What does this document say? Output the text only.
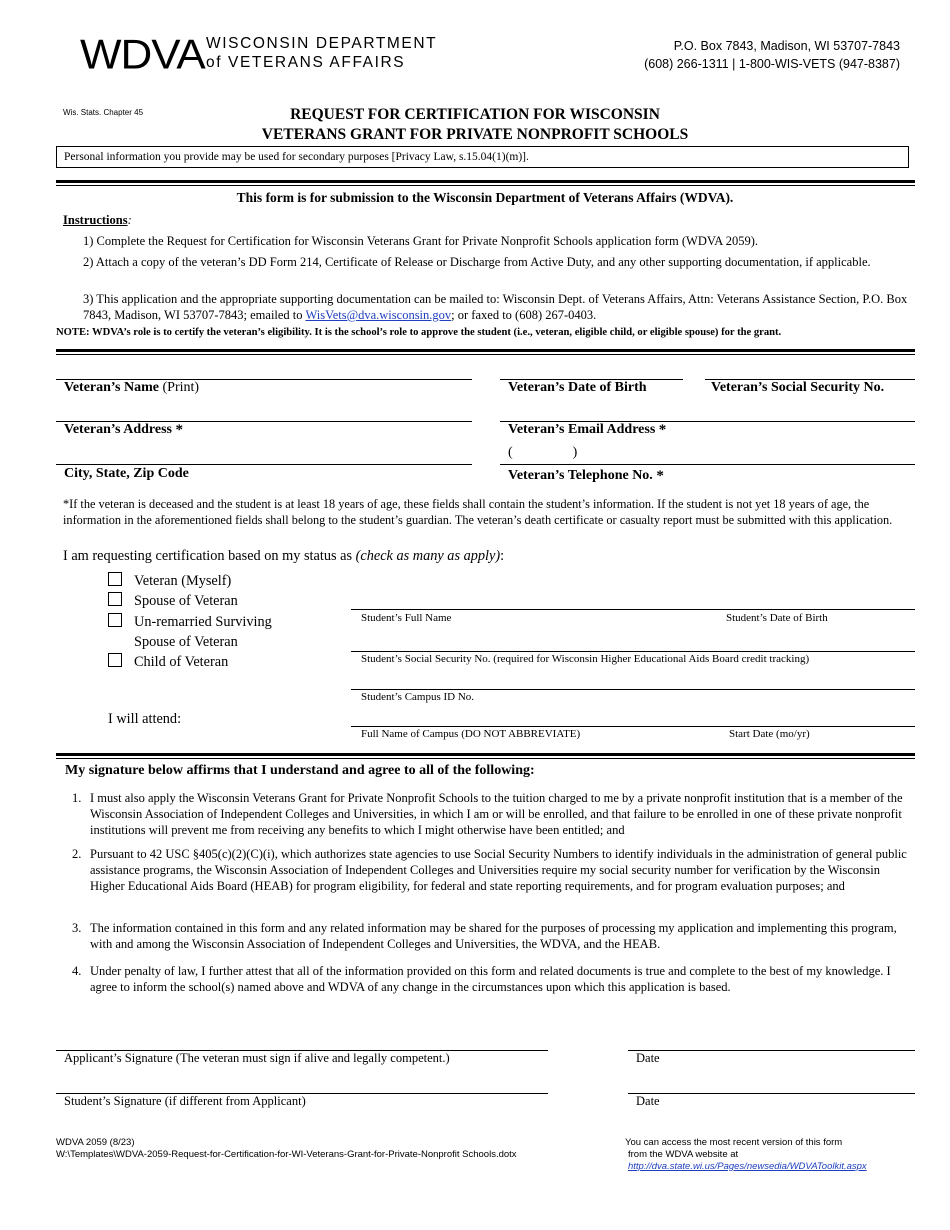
WDVA WISCONSIN DEPARTMENT
of VETERANS AFFAIRS
P.O. Box 7843, Madison, WI 53707-7843
(608) 266-1311 | 1-800-WIS-VETS (947-8387)
Wis. Stats. Chapter 45	REQUEST FOR CERTIFICATION FOR WISCONSIN
VETERANS GRANT FOR PRIVATE NONPROFIT SCHOOLS
Personal information you provide may be used for secondary purposes [Privacy Law, s.15.04(1)(m)].
This form is for submission to the Wisconsin Department of Veterans Affairs (WDVA).
Instructions:
1) Complete the Request for Certification for Wisconsin Veterans Grant for Private Nonprofit Schools application form (WDVA 2059).
2) Attach a copy of the veteran’s DD Form 214, Certificate of Release or Discharge from Active Duty, and any other supporting documentation, if applicable.
3) This application and the appropriate supporting documentation can be mailed to: Wisconsin Dept. of Veterans Affairs, Attn: Veterans Assistance Section, P.O. Box 7843, Madison, WI 53707-7843; emailed to WisVets@dva.wisconsin.gov; or faxed to (608) 267-0403.
NOTE: WDVA’s role is to certify the veteran’s eligibility. It is the school’s role to approve the student (i.e., veteran, eligible child, or eligible spouse) for the grant.
Veteran’s Name (Print)	Veteran’s Date of Birth	Veteran’s Social Security No.
Veteran’s Address *	Veteran’s Email Address *
(	)
City, State, Zip Code	Veteran’s Telephone No. *
*If the veteran is deceased and the student is at least 18 years of age, these fields shall contain the student’s information. If the student is not yet 18 years of age, the information in the aforementioned fields shall belong to the student’s guardian. The veteran’s death certificate or casualty report must be submitted with this application.
I am requesting certification based on my status as (check as many as apply):
Veteran (Myself)
Spouse of Veteran
Un-remarried Surviving
Spouse of Veteran
Child of Veteran
I will attend:
Student’s Full Name	Student’s Date of Birth
Student’s Social Security No. (required for Wisconsin Higher Educational Aids Board credit tracking)
Student’s Campus ID No.
Full Name of Campus (DO NOT ABBREVIATE)	Start Date (mo/yr)
My signature below affirms that I understand and agree to all of the following:
1. I must also apply the Wisconsin Veterans Grant for Private Nonprofit Schools to the tuition charged to me by a private nonprofit institution that is a member of the Wisconsin Association of Independent Colleges and Universities, in which I am or will be enrolled, and that failure to be enrolled in one of these private nonprofit institutions will prevent me from receiving any benefits to which I might otherwise have been entitled; and
2. Pursuant to 42 USC §405(c)(2)(C)(i), which authorizes state agencies to use Social Security Numbers to identify individuals in the administration of general public assistance programs, the Wisconsin Association of Independent Colleges and Universities require my social security number for verification by the Wisconsin Higher Educational Aids Board (HEAB) for program eligibility, for federal and state reporting requirements, and for program evaluation purposes; and
3. The information contained in this form and any related information may be shared for the purposes of processing my application and implementing this program, with and among the Wisconsin Association of Independent Colleges and Universities, the WDVA, and the HEAB.
4. Under penalty of law, I further attest that all of the information provided on this form and related documents is true and complete to the best of my knowledge. I agree to inform the school(s) named above and WDVA of any change in the circumstances upon which this application is based.
Applicant’s Signature (The veteran must sign if alive and legally competent.)	Date
Student’s Signature (if different from Applicant)	Date
WDVA 2059 (8/23)
W:\Templates\WDVA-2059-Request-for-Certification-for-WI-Veterans-Grant-for-Private-Nonprofit Schools.dotx
You can access the most recent version of this form
from the WDVA website at
http://dva.state.wi.us/Pages/newsedia/WDVAToolkit.aspx
